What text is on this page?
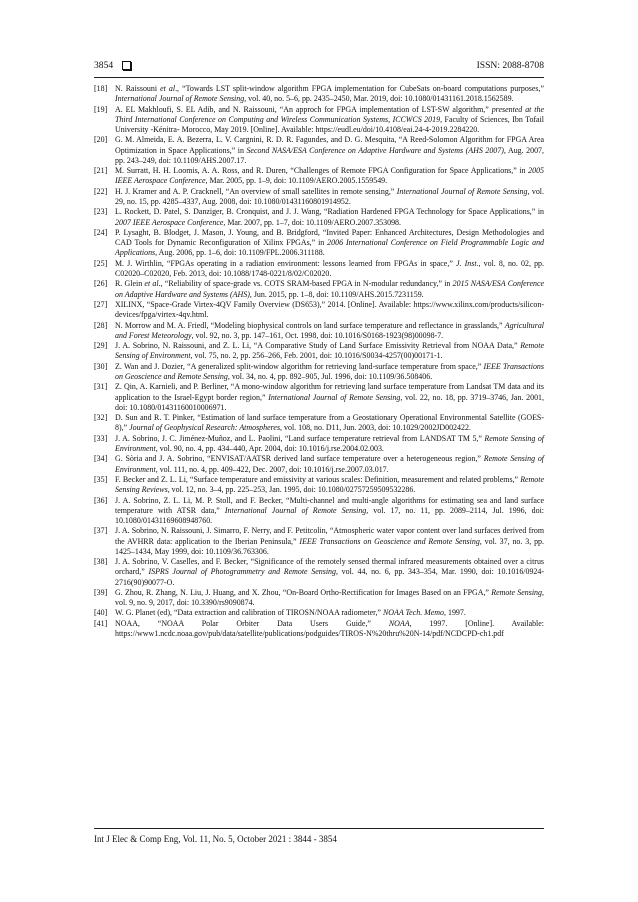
3854	ISSN: 2088-8708
[18] N. Raissouni et al., “Towards LST split-window algorithm FPGA implementation for CubeSats on-board computations purposes,” International Journal of Remote Sensing, vol. 40, no. 5–6, pp. 2435–2450, Mar. 2019, doi: 10.1080/01431161.2018.1562589.
[19] A. EL Makhloufi, S. EL Adib, and N. Raissouni, “An approch for FPGA implementation of LST-SW algorithm,” presented at the Third International Conference on Computing and Wireless Communication Systems, ICCWCS 2019, Faculty of Sciences, Ibn Tofail University -Kénitra- Morocco, May 2019. [Online]. Available: https://eudl.eu/doi/10.4108/eai.24-4-2019.2284220.
[20] G. M. Almeida, E. A. Bezerra, L. V. Cargnini, R. D. R. Fagundes, and D. G. Mesquita, “A Reed-Solomon Algorithm for FPGA Area Optimization in Space Applications,” in Second NASA/ESA Conference on Adaptive Hardware and Systems (AHS 2007), Aug. 2007, pp. 243–249, doi: 10.1109/AHS.2007.17.
[21] M. Surratt, H. H. Loomis, A. A. Ross, and R. Duren, “Challenges of Remote FPGA Configuration for Space Applications,” in 2005 IEEE Aerospace Conference, Mar. 2005, pp. 1–9, doi: 10.1109/AERO.2005.1559549.
[22] H. J. Kramer and A. P. Cracknell, “An overview of small satellites in remote sensing,” International Journal of Remote Sensing, vol. 29, no. 15, pp. 4285–4337, Aug. 2008, doi: 10.1080/01431160801914952.
[23] L. Rockett, D. Patel, S. Danziger, B. Cronquist, and J. J. Wang, “Radiation Hardened FPGA Technology for Space Applications,” in 2007 IEEE Aerospace Conference, Mar. 2007, pp. 1–7, doi: 10.1109/AERO.2007.353098.
[24] P. Lysaght, B. Blodget, J. Mason, J. Young, and B. Bridgford, “Invited Paper: Enhanced Architectures, Design Methodologies and CAD Tools for Dynamic Reconfiguration of Xilinx FPGAs,” in 2006 International Conference on Field Programmable Logic and Applications, Aug. 2006, pp. 1–6, doi: 10.1109/FPL.2006.311188.
[25] M. J. Wirthlin, “FPGAs operating in a radiation environment: lessons learned from FPGAs in space,” J. Inst., vol. 8, no. 02, pp. C02020–C02020, Feb. 2013, doi: 10.1088/1748-0221/8/02/C02020.
[26] R. Glein et al., “Reliability of space-grade vs. COTS SRAM-based FPGA in N-modular redundancy,” in 2015 NASA/ESA Conference on Adaptive Hardware and Systems (AHS), Jun. 2015, pp. 1–8, doi: 10.1109/AHS.2015.7231159.
[27] XILINX, “Space-Grade Virtex-4QV Family Overview (DS653),” 2014. [Online]. Available: https://www.xilinx.com/products/silicon-devices/fpga/virtex-4qv.html.
[28] N. Morrow and M. A. Friedl, “Modeling biophysical controls on land surface temperature and reflectance in grasslands,” Agricultural and Forest Meteorology, vol. 92, no. 3, pp. 147–161, Oct. 1998, doi: 10.1016/S0168-1923(98)00098-7.
[29] J. A. Sobrino, N. Raissouni, and Z. L. Li, “A Comparative Study of Land Surface Emissivity Retrieval from NOAA Data,” Remote Sensing of Environment, vol. 75, no. 2, pp. 256–266, Feb. 2001, doi: 10.1016/S0034-4257(00)00171-1.
[30] Z. Wan and J. Dozier, “A generalized split-window algorithm for retrieving land-surface temperature from space,” IEEE Transactions on Geoscience and Remote Sensing, vol. 34, no. 4, pp. 892–905, Jul. 1996, doi: 10.1109/36.508406.
[31] Z. Qin, A. Karnieli, and P. Berliner, “A mono-window algorithm for retrieving land surface temperature from Landsat TM data and its application to the Israel-Egypt border region,” International Journal of Remote Sensing, vol. 22, no. 18, pp. 3719–3746, Jan. 2001, doi: 10.1080/01431160010006971.
[32] D. Sun and R. T. Pinker, “Estimation of land surface temperature from a Geostationary Operational Environmental Satellite (GOES-8),” Journal of Geophysical Research: Atmospheres, vol. 108, no. D11, Jun. 2003, doi: 10.1029/2002JD002422.
[33] J. A. Sobrino, J. C. Jiménez-Muñoz, and L. Paolini, “Land surface temperature retrieval from LANDSAT TM 5,” Remote Sensing of Environment, vol. 90, no. 4, pp. 434–440, Apr. 2004, doi: 10.1016/j.rse.2004.02.003.
[34] G. Sòria and J. A. Sobrino, “ENVISAT/AATSR derived land surface temperature over a heterogeneous region,” Remote Sensing of Environment, vol. 111, no. 4, pp. 409–422, Dec. 2007, doi: 10.1016/j.rse.2007.03.017.
[35] F. Becker and Z. L. Li, “Surface temperature and emissivity at various scales: Definition, measurement and related problems,” Remote Sensing Reviews, vol. 12, no. 3–4, pp. 225–253, Jan. 1995, doi: 10.1080/02757259509532286.
[36] J. A. Sobrino, Z. L. Li, M. P. Stoll, and F. Becker, “Multi-channel and multi-angle algorithms for estimating sea and land surface temperature with ATSR data,” International Journal of Remote Sensing, vol. 17, no. 11, pp. 2089–2114, Jul. 1996, doi: 10.1080/01431169608948760.
[37] J. A. Sobrino, N. Raissouni, J. Simarro, F. Nerry, and F. Petitcolin, “Atmospheric water vapor content over land surfaces derived from the AVHRR data: application to the Iberian Peninsula,” IEEE Transactions on Geoscience and Remote Sensing, vol. 37, no. 3, pp. 1425–1434, May 1999, doi: 10.1109/36.763306.
[38] J. A. Sobrino, V. Caselles, and F. Becker, “Significance of the remotely sensed thermal infrared measurements obtained over a citrus orchard,” ISPRS Journal of Photogrammetry and Remote Sensing, vol. 44, no. 6, pp. 343–354, Mar. 1990, doi: 10.1016/0924-2716(90)90077-O.
[39] G. Zhou, R. Zhang, N. Liu, J. Huang, and X. Zhou, “On-Board Ortho-Rectification for Images Based on an FPGA,” Remote Sensing, vol. 9, no. 9, 2017, doi: 10.3390/rs9090874.
[40] W. G. Planet (ed), “Data extraction and calibration of TIROSN/NOAA radiometer,” NOAA Tech. Memo, 1997.
[41] NOAA, “NOAA Polar Orbiter Data Users Guide,” NOAA, 1997. [Online]. Available: https://www1.ncdc.noaa.gov/pub/data/satellite/publications/podguides/TIROS-N%20thru%20N-14/pdf/NCDCPD-ch1.pdf
Int J Elec & Comp Eng, Vol. 11, No. 5, October 2021 : 3844 - 3854
